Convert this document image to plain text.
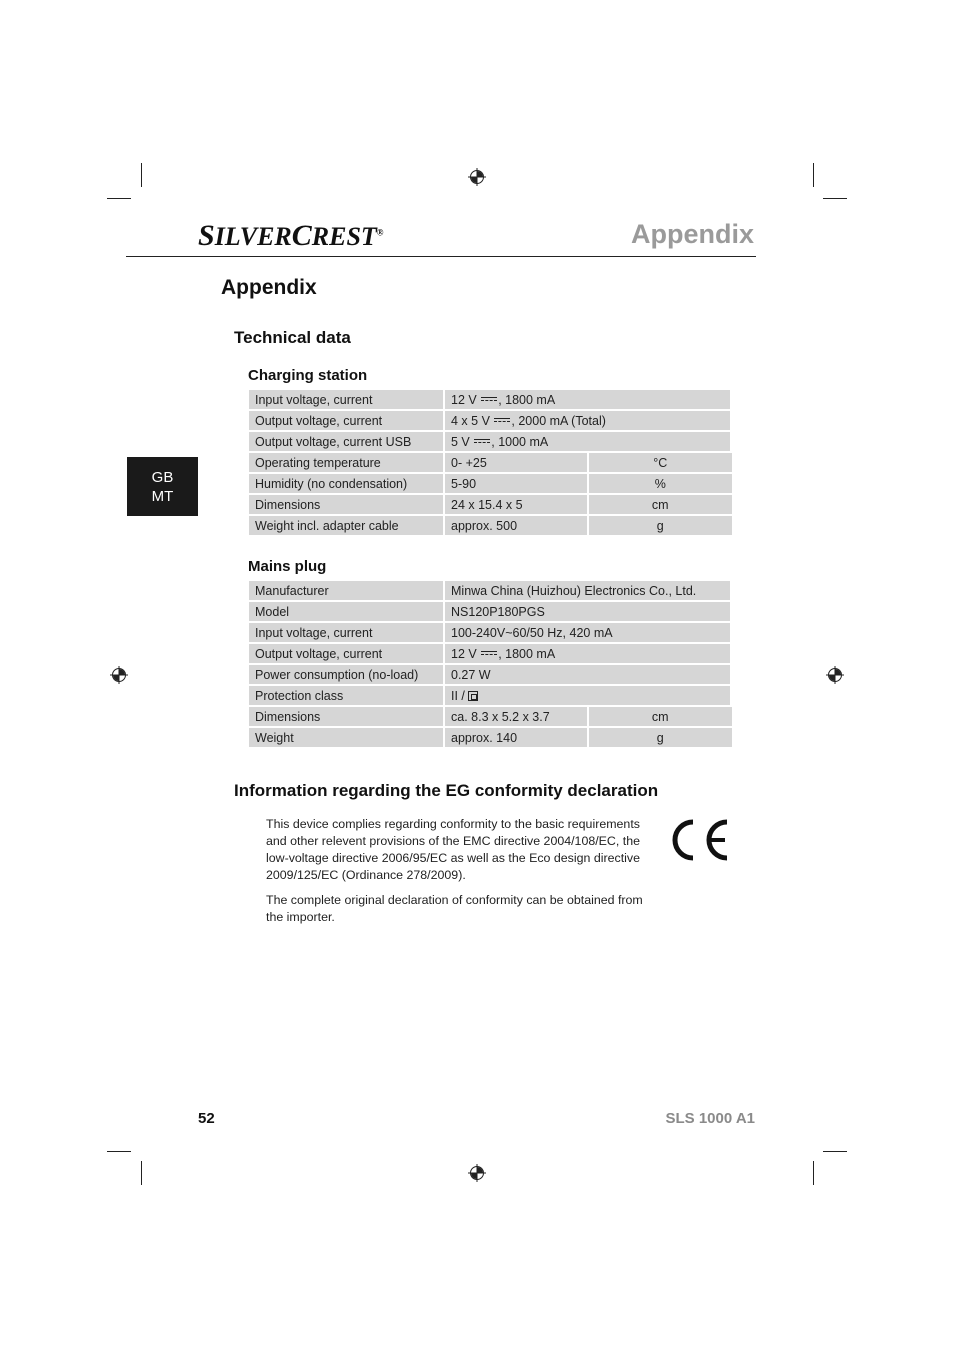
SILVERCREST®	Appendix
GB
MT
Appendix
Technical data
Charging station
Input voltage, current	12 V , 1800 mA	
Output voltage, current	4 x 5 V , 2000 mA (Total)	
Output voltage, current USB	5 V , 1000 mA	
Operating temperature	0- +25	°C
Humidity (no condensation)	5-90	%
Dimensions	24 x 15.4 x 5	cm
Weight incl. adapter cable	approx. 500	g
Mains plug
Manufacturer	Minwa China (Huizhou) Electronics Co., Ltd.	
Model	NS120P180PGS	
Input voltage, current	100-240V~60/50 Hz, 420 mA	
Output voltage, current	12 V , 1800 mA	
Power consumption (no-load)	0.27 W	
Protection class	II /	

Dimensions	ca. 8.3 x 5.2 x 3.7	cm
Weight	approx. 140	g
Information regarding the EG conformity declaration

This device complies regarding conformity to the basic requirements and other relevent provisions of the EMC directive 2004/108/EC, the low-voltage directive 2006/95/EC as well as the Eco design directive 2009/125/EC (Ordinance 278/2009).

The complete original declaration of conformity can be obtained from the importer.

52	SLS 1000 A1
